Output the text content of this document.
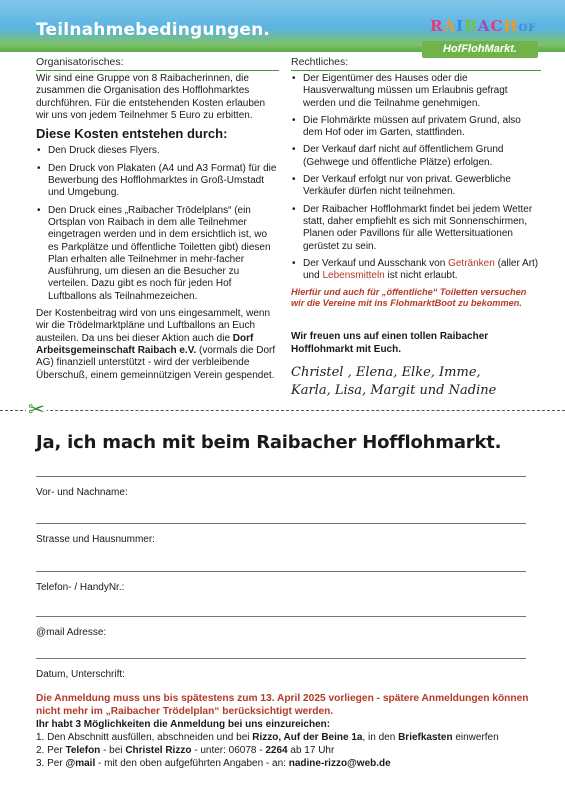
Teilnahmebedingungen.	RAIBACHOF
HofFlohMarkt.
Organisatorisches:	Rechtliches:

Wir sind eine Gruppe von 8 Raibacherinnen, die zusammen die Organisation des Hofflohmarktes durchführen. Für die entstehenden Kosten erlauben wir uns von jedem Teilnehmer 5 Euro zu erbitten.

Diese Kosten entstehen durch:
• Den Druck dieses Flyers.
• Den Druck von Plakaten (A4 und A3 Format) für die Bewerbung des Hofflohmarktes in Groß-Umstadt und Umgebung.
• Den Druck eines „Raibacher Trödelplans“ (ein Ortsplan von Raibach in dem alle Teilnehmer eingetragen werden und in dem ersichtlich ist, wo es Parkplätze und öffentliche Toiletten gibt) diesen Plan erhalten alle Teilnehmer in mehr-facher Ausführung, um diesen an die Besucher zu verteilen. Dazu gibt es noch für jeden Hof Luftballons als Teilnahmezeichen.

Der Kostenbeitrag wird von uns eingesammelt, wenn wir die Trödelmarktpläne und Luftballons an Euch austeilen. Da uns bei dieser Aktion auch die Dorf Arbeitsgemeinschaft Raibach e.V. (vormals die Dorf AG) finanziell unterstützt - wird der verbleibende Überschuß, einem gemeinnützigen Verein gespendet.

• Der Eigentümer des Hauses oder die Hausverwaltung müssen um Erlaubnis gefragt werden und die Teilnahme genehmigen.
• Die Flohmärkte müssen auf privatem Grund, also dem Hof oder im Garten, stattfinden.
• Der Verkauf darf nicht auf öffentlichem Grund (Gehwege und öffentliche Plätze) erfolgen.
• Der Verkauf erfolgt nur von privat. Gewerbliche Verkäufer dürfen nicht teilnehmen.
• Der Raibacher Hofflohmarkt findet bei jedem Wetter statt, daher empfiehlt es sich mit Sonnenschirmen, Planen oder Pavillons für alle Wettersituationen gerüstet zu sein.
• Der Verkauf und Ausschank von Getränken (aller Art) und Lebensmitteln ist nicht erlaubt.
Hierfür und auch für „öffentliche“ Toiletten versuchen wir die Vereine mit ins FlohmarktBoot zu bekommen.
Wir freuen uns auf einen tollen Raibacher Hofflohmarkt mit Euch.
Christel , Elena, Elke, Imme,
Karla, Lisa, Margit und Nadine
✂
Ja, ich mach mit beim Raibacher Hofflohmarkt.
Vor- und Nachname:
Strasse und Hausnummer:
Telefon- / HandyNr.:
@mail Adresse:
Datum, Unterschrift:
Die Anmeldung muss uns bis spätestens zum 13. April 2025 vorliegen - spätere Anmeldungen können nicht mehr im „Raibacher Trödelplan“ berücksichtigt werden.
Ihr habt 3 Möglichkeiten die Anmeldung bei uns einzureichen:
1. Den Abschnitt ausfüllen, abschneiden und bei Rizzo, Auf der Beine 1a, in den Briefkasten einwerfen
2. Per Telefon - bei Christel Rizzo - unter: 06078 - 2264 ab 17 Uhr
3. Per @mail - mit den oben aufgeführten Angaben - an: nadine-rizzo@web.de
